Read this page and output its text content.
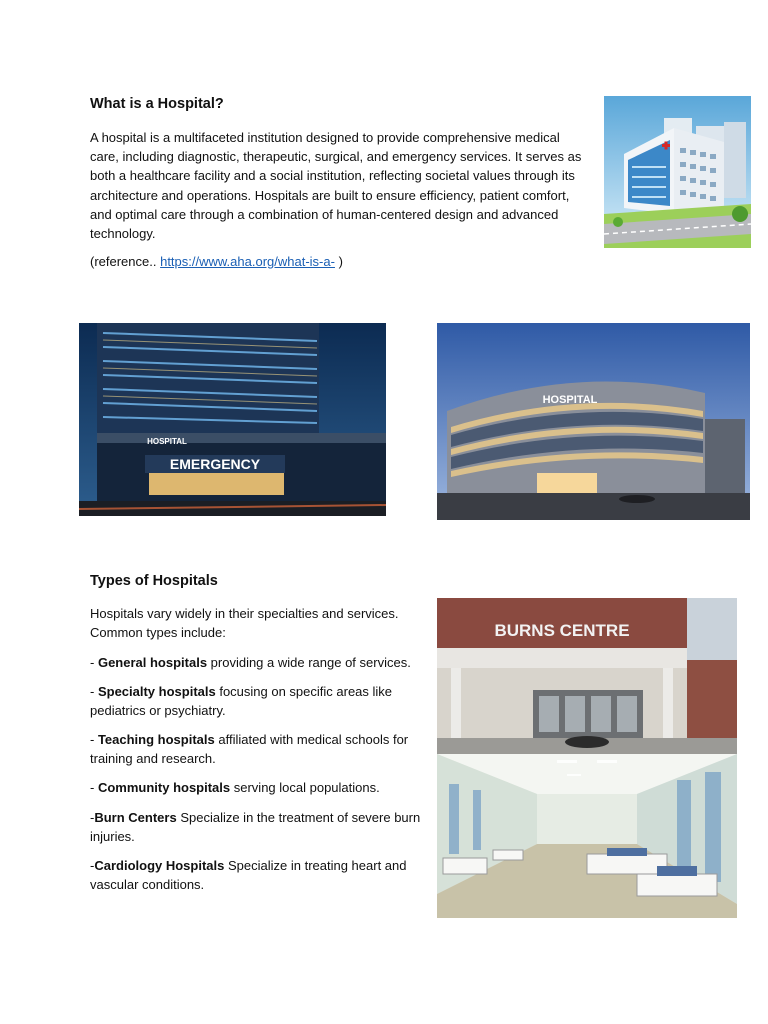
What is a Hospital?

A hospital is a multifaceted institution designed to provide comprehensive medical care, including diagnostic, therapeutic, surgical, and emergency services. It serves as both a healthcare facility and a social institution, reflecting societal values through its architecture and operations. Hospitals are built to ensure efficiency, patient comfort, and optimal care through a combination of human-centered design and advanced technology.

(reference.. https://www.aha.org/what-is-a- )

EMERGENCY
HOSPITAL
HOSPITAL
Types of Hospitals

Hospitals vary widely in their specialties and services. Common types include:

- General hospitals providing a wide range of services.

- Specialty hospitals focusing on specific areas like pediatrics or psychiatry.

- Teaching hospitals affiliated with medical schools for training and research.

- Community hospitals serving local populations.

-Burn Centers Specialize in the treatment of severe burn injuries.

-Cardiology Hospitals Specialize in treating heart and vascular conditions.

BURNS CENTRE
